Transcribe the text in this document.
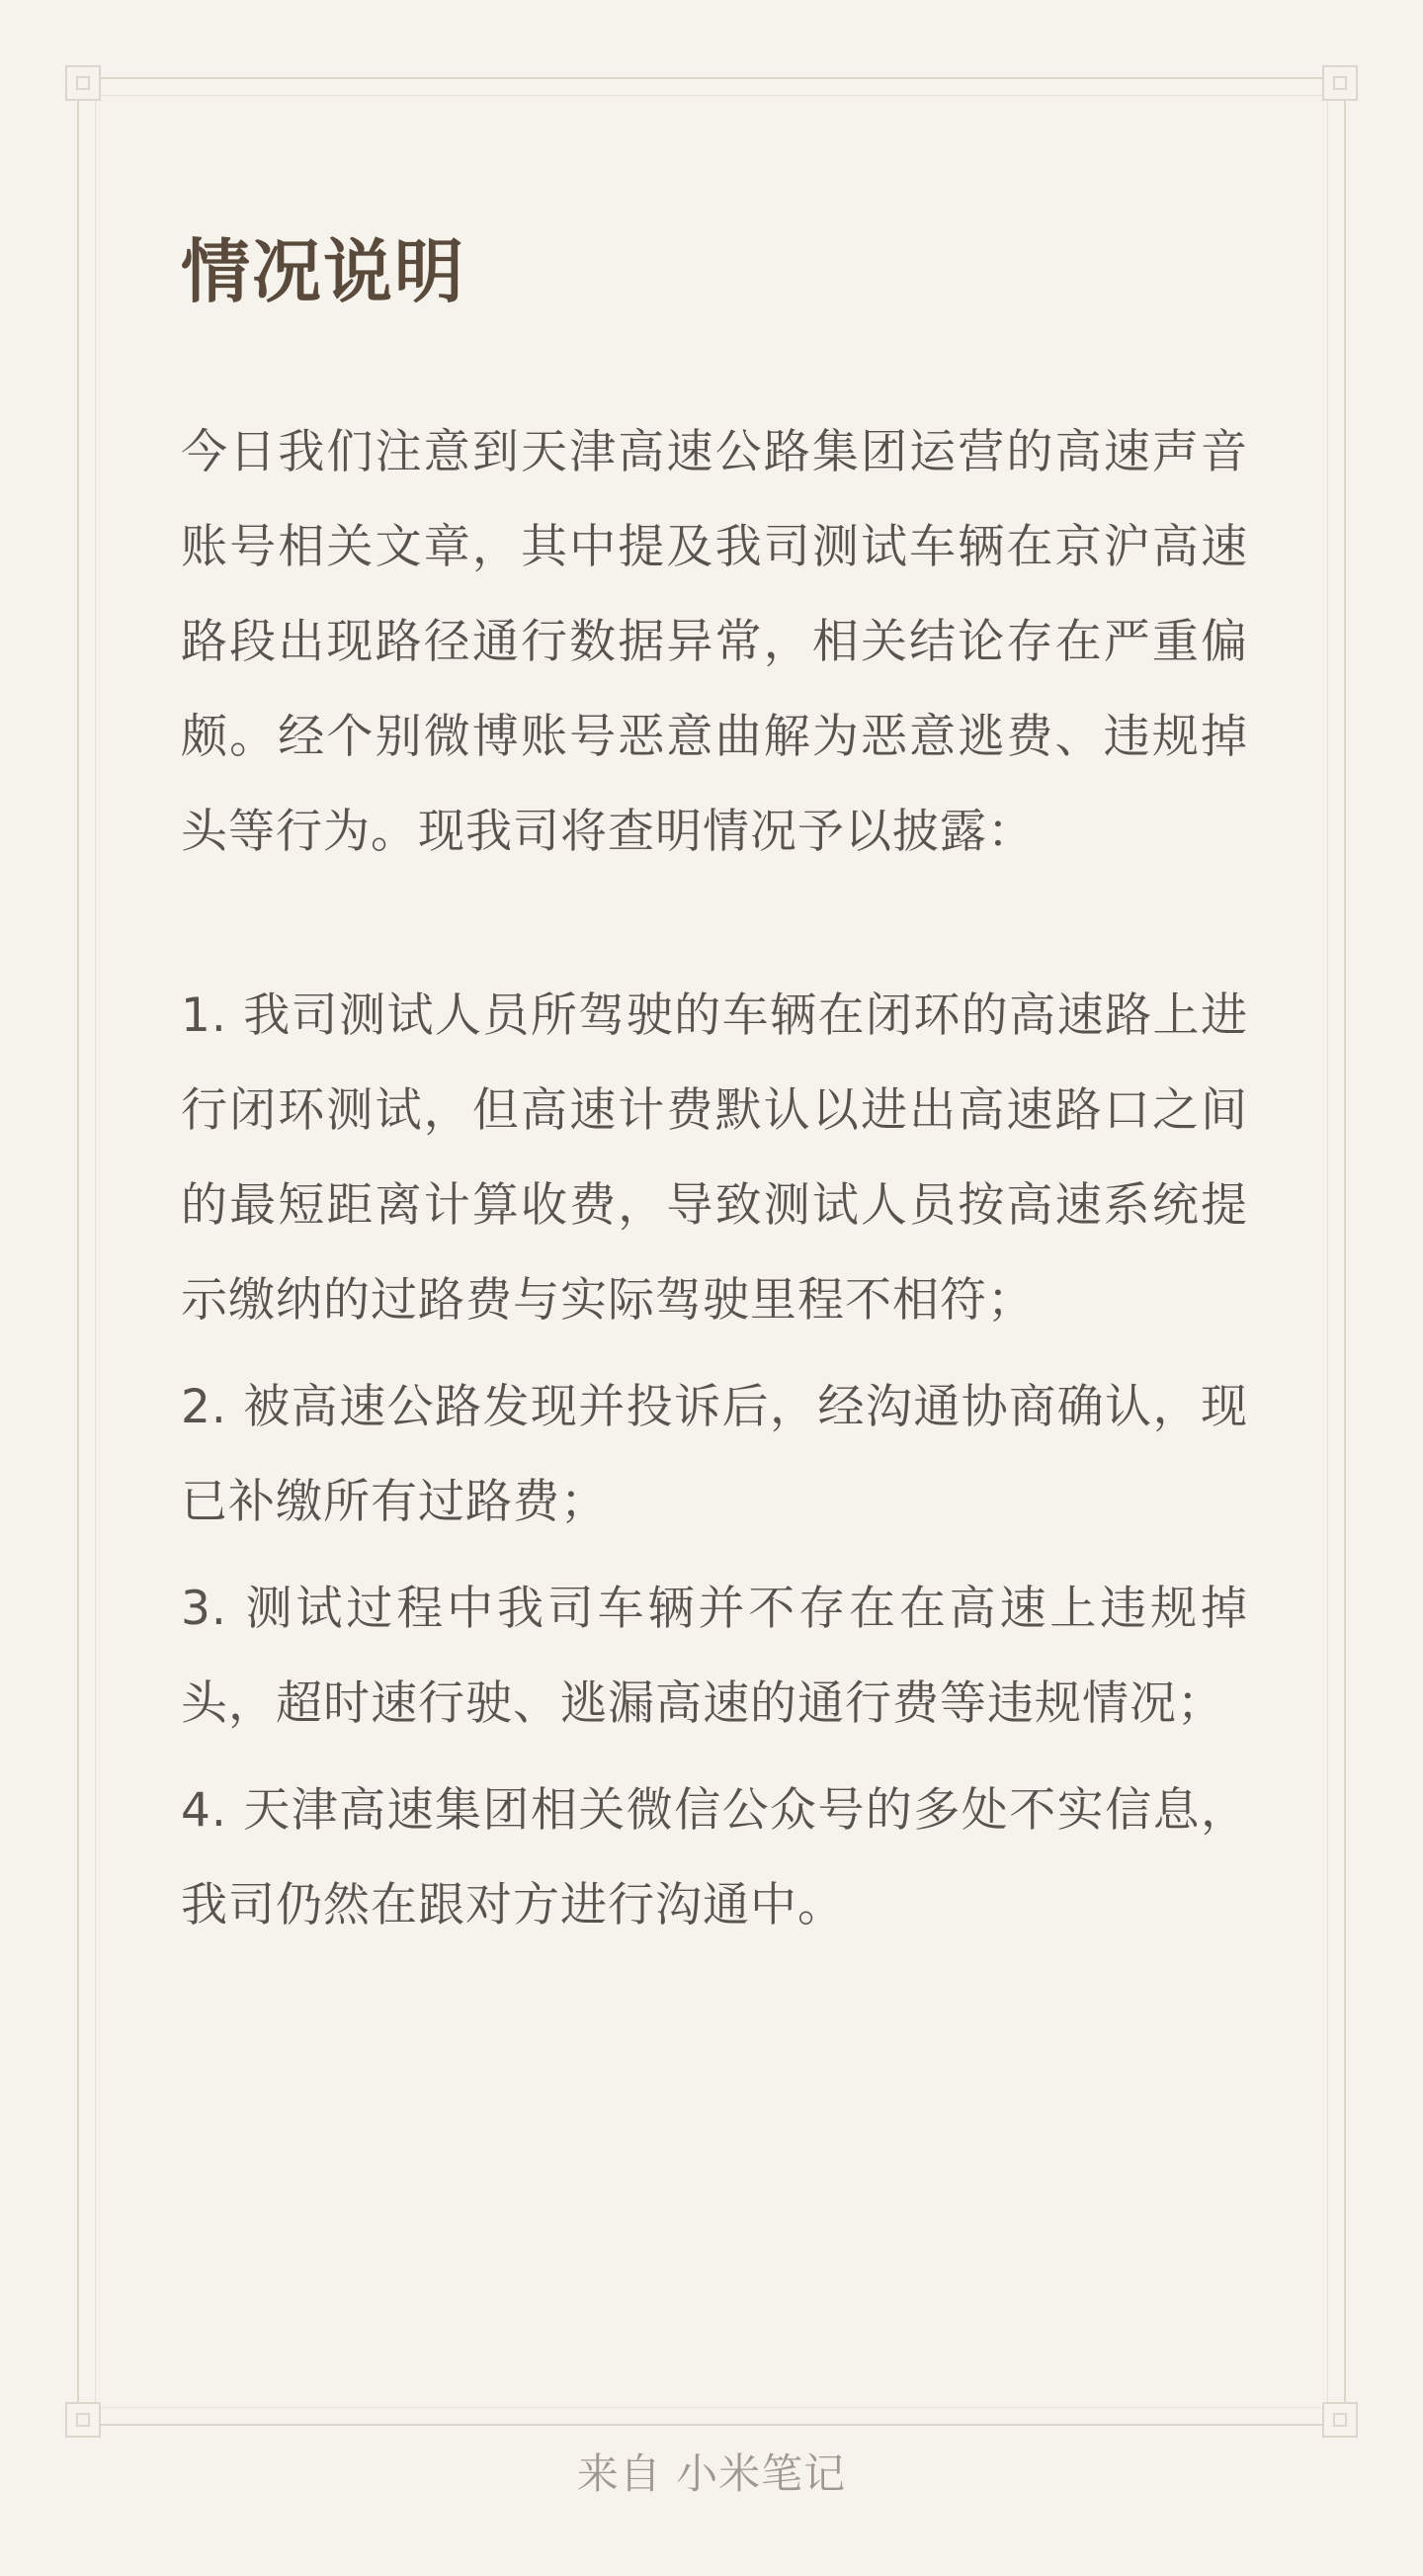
情况说明

今日我们注意到天津高速公路集团运营的高速声音账号相关文章，其中提及我司测试车辆在京沪高速路段出现路径通行数据异常，相关结论存在严重偏颇。经个别微博账号恶意曲解为恶意逃费、违规掉头等行为。现我司将查明情况予以披露：

1. 我司测试人员所驾驶的车辆在闭环的高速路上进行闭环测试，但高速计费默认以进出高速路口之间的最短距离计算收费，导致测试人员按高速系统提示缴纳的过路费与实际驾驶里程不相符；

2. 被高速公路发现并投诉后，经沟通协商确认，现已补缴所有过路费；

3. 测试过程中我司车辆并不存在在高速上违规掉头，超时速行驶、逃漏高速的通行费等违规情况；

4. 天津高速集团相关微信公众号的多处不实信息，我司仍然在跟对方进行沟通中。

来自 小米笔记
